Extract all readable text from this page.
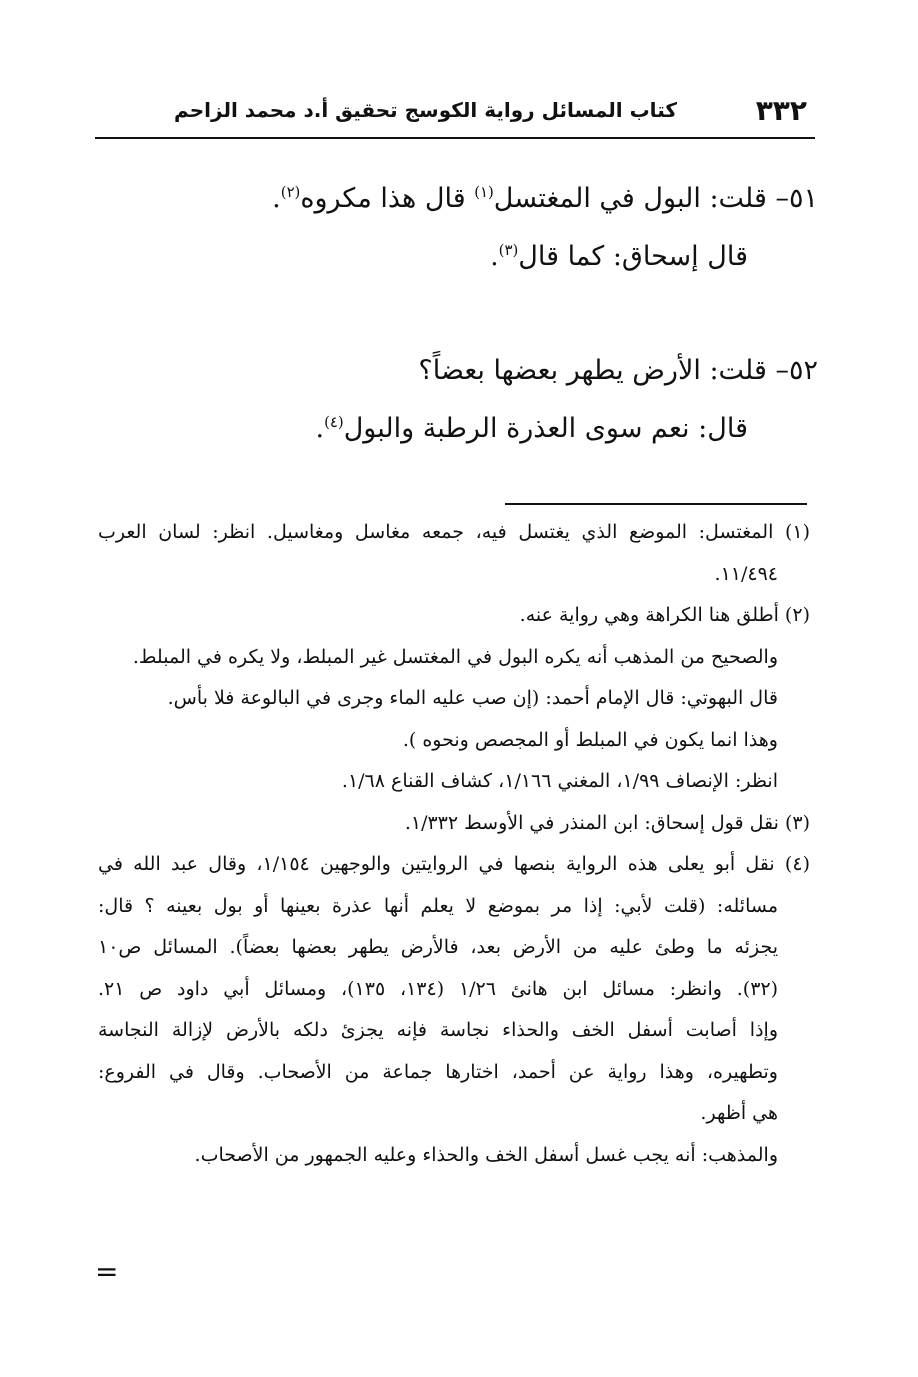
٣٣٢
كتاب المسائل رواية الكوسج تحقيق أ.د محمد الزاحم
٥١– قلت: البول في المغتسل$^{(١)}$ قال هذا مكروه$^{(٢)}$.
قال إسحاق: كما قال$^{(٣)}$.
٥٢– قلت: الأرض يطهر بعضها بعضاً؟
قال: نعم سوى العذرة الرطبة والبول$^{(٤)}$.
(١) المغتسل: الموضع الذي يغتسل فيه، جمعه مغاسل ومغاسيل. انظر: لسان العرب
١١/٤٩٤.
(٢) أطلق هنا الكراهة وهي رواية عنه.
والصحيح من المذهب أنه يكره البول في المغتسل غير المبلط، ولا يكره في المبلط.
قال البهوتي: قال الإمام أحمد: (إن صب عليه الماء وجرى في البالوعة فلا بأس.
وهذا انما يكون في المبلط أو المجصص ونحوه ).
انظر: الإنصاف ١/٩٩، المغني ١/١٦٦، كشاف القناع ١/٦٨.
(٣) نقل قول إسحاق: ابن المنذر في الأوسط ١/٣٣٢.
(٤) نقل أبو يعلى هذه الرواية بنصها في الروايتين والوجهين ١/١٥٤، وقال عبد الله في
مسائله: (قلت لأبي: إذا مر بموضع لا يعلم أنها عذرة بعينها أو بول بعينه ؟ قال:
يجزئه ما وطئ عليه من الأرض بعد، فالأرض يطهر بعضها بعضاً). المسائل ص١٠
(٣٢). وانظر: مسائل ابن هانئ ١/٢٦ (١٣٤، ١٣٥)، ومسائل أبي داود ص ٢١.
وإذا أصابت أسفل الخف والحذاء نجاسة فإنه يجزئ دلكه بالأرض لإزالة النجاسة
وتطهيره، وهذا رواية عن أحمد، اختارها جماعة من الأصحاب. وقال في الفروع:
هي أظهر.
والمذهب: أنه يجب غسل أسفل الخف والحذاء وعليه الجمهور من الأصحاب.
=
